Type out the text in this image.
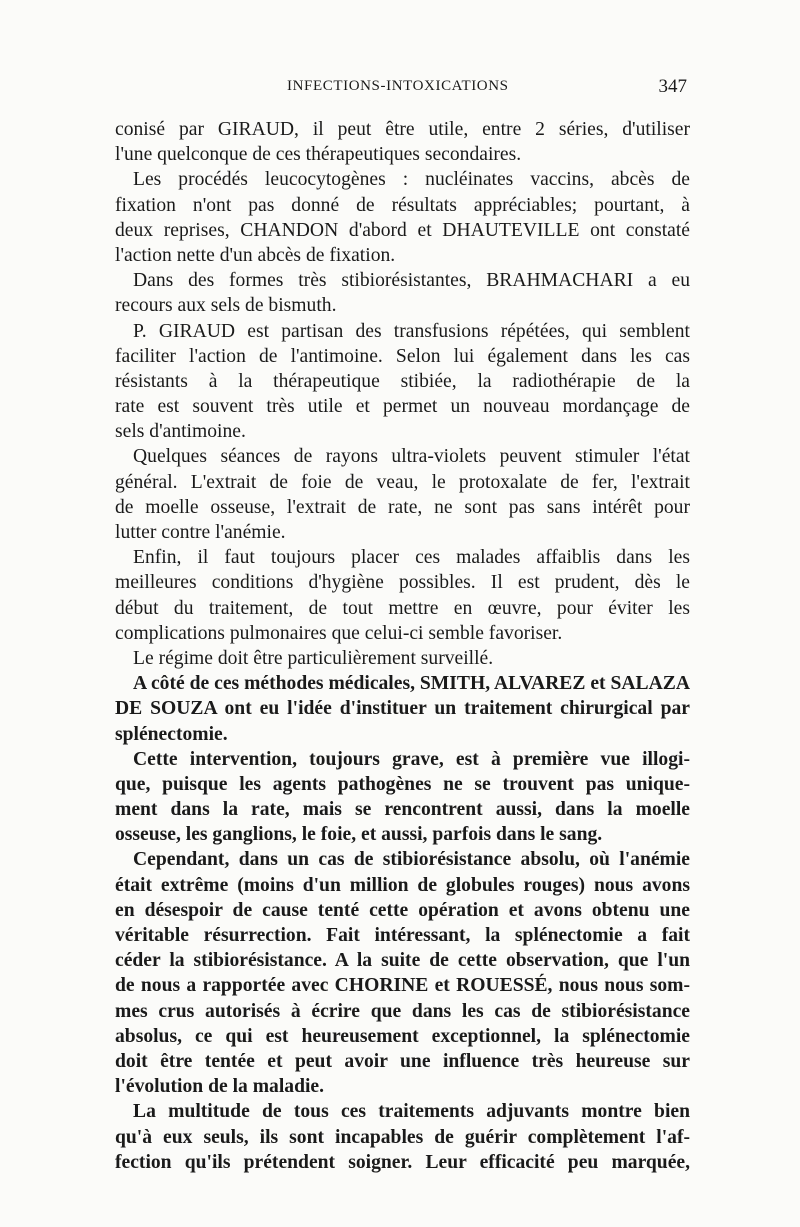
INFECTIONS-INTOXICATIONS	347
conisé par GIRAUD, il peut être utile, entre 2 séries, d'utiliser
l'une quelconque de ces thérapeutiques secondaires.
Les procédés leucocytogènes : nucléinates vaccins, abcès de
fixation n'ont pas donné de résultats appréciables; pourtant, à
deux reprises, CHANDON d'abord et DHAUTEVILLE ont constaté
l'action nette d'un abcès de fixation.
Dans des formes très stibiorésistantes, BRAHMACHARI a eu
recours aux sels de bismuth.
P. GIRAUD est partisan des transfusions répétées, qui semblent
faciliter l'action de l'antimoine. Selon lui également dans les cas
résistants à la thérapeutique stibiée, la radiothérapie de la
rate est souvent très utile et permet un nouveau mordançage de
sels d'antimoine.
Quelques séances de rayons ultra-violets peuvent stimuler l'état
général. L'extrait de foie de veau, le protoxalate de fer, l'extrait
de moelle osseuse, l'extrait de rate, ne sont pas sans intérêt pour
lutter contre l'anémie.
Enfin, il faut toujours placer ces malades affaiblis dans les
meilleures conditions d'hygiène possibles. Il est prudent, dès le
début du traitement, de tout mettre en œuvre, pour éviter les
complications pulmonaires que celui-ci semble favoriser.
Le régime doit être particulièrement surveillé.
A côté de ces méthodes médicales, SMITH, ALVAREZ et SALAZA
DE SOUZA ont eu l'idée d'instituer un traitement chirurgical par
splénectomie.
Cette intervention, toujours grave, est à première vue illogi-
que, puisque les agents pathogènes ne se trouvent pas unique-
ment dans la rate, mais se rencontrent aussi, dans la moelle
osseuse, les ganglions, le foie, et aussi, parfois dans le sang.
Cependant, dans un cas de stibiorésistance absolu, où l'anémie
était extrême (moins d'un million de globules rouges) nous avons
en désespoir de cause tenté cette opération et avons obtenu une
véritable résurrection. Fait intéressant, la splénectomie a fait
céder la stibiorésistance. A la suite de cette observation, que l'un
de nous a rapportée avec CHORINE et ROUESSÉ, nous nous som-
mes crus autorisés à écrire que dans les cas de stibiorésistance
absolus, ce qui est heureusement exceptionnel, la splénectomie
doit être tentée et peut avoir une influence très heureuse sur
l'évolution de la maladie.
La multitude de tous ces traitements adjuvants montre bien
qu'à eux seuls, ils sont incapables de guérir complètement l'af-
fection qu'ils prétendent soigner. Leur efficacité peu marquée,
